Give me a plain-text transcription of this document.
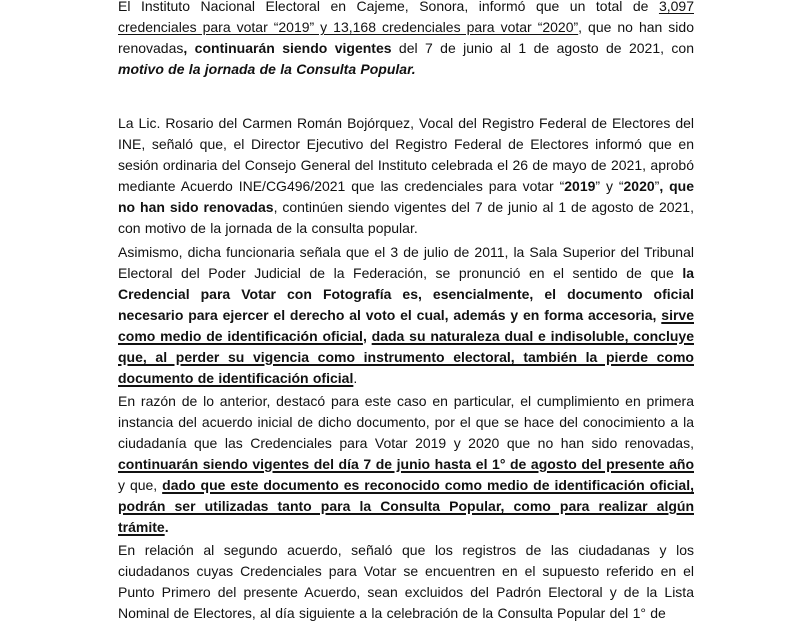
El Instituto Nacional Electoral en Cajeme, Sonora, informó que un total de 3,097 credenciales para votar “2019” y 13,168 credenciales para votar “2020”, que no han sido renovadas, continuarán siendo vigentes del 7 de junio al 1 de agosto de 2021, con motivo de la jornada de la Consulta Popular.

La Lic. Rosario del Carmen Román Bojórquez, Vocal del Registro Federal de Electores del INE, señaló que, el Director Ejecutivo del Registro Federal de Electores informó que en sesión ordinaria del Consejo General del Instituto celebrada el 26 de mayo de 2021, aprobó mediante Acuerdo INE/CG496/2021 que las credenciales para votar “2019” y “2020”, que no han sido renovadas, continúen siendo vigentes del 7 de junio al 1 de agosto de 2021, con motivo de la jornada de la consulta popular.

Asimismo, dicha funcionaria señala que el 3 de julio de 2011, la Sala Superior del Tribunal Electoral del Poder Judicial de la Federación, se pronunció en el sentido de que la Credencial para Votar con Fotografía es, esencialmente, el documento oficial necesario para ejercer el derecho al voto el cual, además y en forma accesoria, sirve como medio de identificación oficial, dada su naturaleza dual e indisoluble, concluye que, al perder su vigencia como instrumento electoral, también la pierde como documento de identificación oficial.

En razón de lo anterior, destacó para este caso en particular, el cumplimiento en primera instancia del acuerdo inicial de dicho documento, por el que se hace del conocimiento a la ciudadanía que las Credenciales para Votar 2019 y 2020 que no han sido renovadas, continuarán siendo vigentes del día 7 de junio hasta el 1° de agosto del presente año y que, dado que este documento es reconocido como medio de identificación oficial, podrán ser utilizadas tanto para la Consulta Popular, como para realizar algún trámite.

En relación al segundo acuerdo, señaló que los registros de las ciudadanas y los ciudadanos cuyas Credenciales para Votar se encuentren en el supuesto referido en el Punto Primero del presente Acuerdo, sean excluidos del Padrón Electoral y de la Lista Nominal de Electores, al día siguiente a la celebración de la Consulta Popular del 1° de
